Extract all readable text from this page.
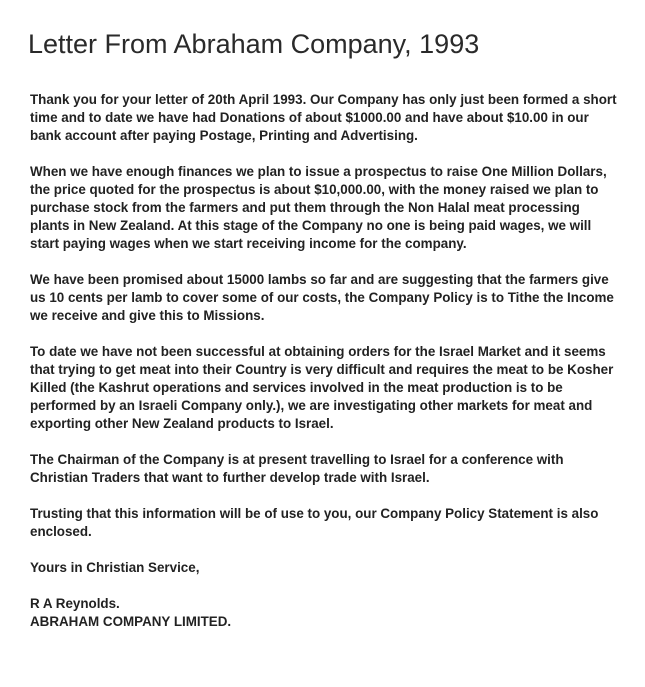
Letter From Abraham Company, 1993

Thank you for your letter of 20th April 1993. Our Company has only just been formed a short time and to date we have had Donations of about $1000.00 and have about $10.00 in our bank account after paying Postage, Printing and Advertising.

When we have enough finances we plan to issue a prospectus to raise One Million Dollars, the price quoted for the prospectus is about $10,000.00, with the money raised we plan to purchase stock from the farmers and put them through the Non Halal meat processing plants in New Zealand. At this stage of the Company no one is being paid wages, we will start paying wages when we start receiving income for the company.

We have been promised about 15000 lambs so far and are suggesting that the farmers give us 10 cents per lamb to cover some of our costs, the Company Policy is to Tithe the Income we receive and give this to Missions.

To date we have not been successful at obtaining orders for the Israel Market and it seems that trying to get meat into their Country is very difficult and requires the meat to be Kosher Killed (the Kashrut operations and services involved in the meat production is to be performed by an Israeli Company only.), we are investigating other markets for meat and exporting other New Zealand products to Israel.

The Chairman of the Company is at present travelling to Israel for a conference with Christian Traders that want to further develop trade with Israel.

Trusting that this information will be of use to you, our Company Policy Statement is also enclosed.

Yours in Christian Service,

R A Reynolds.
ABRAHAM COMPANY LIMITED.
